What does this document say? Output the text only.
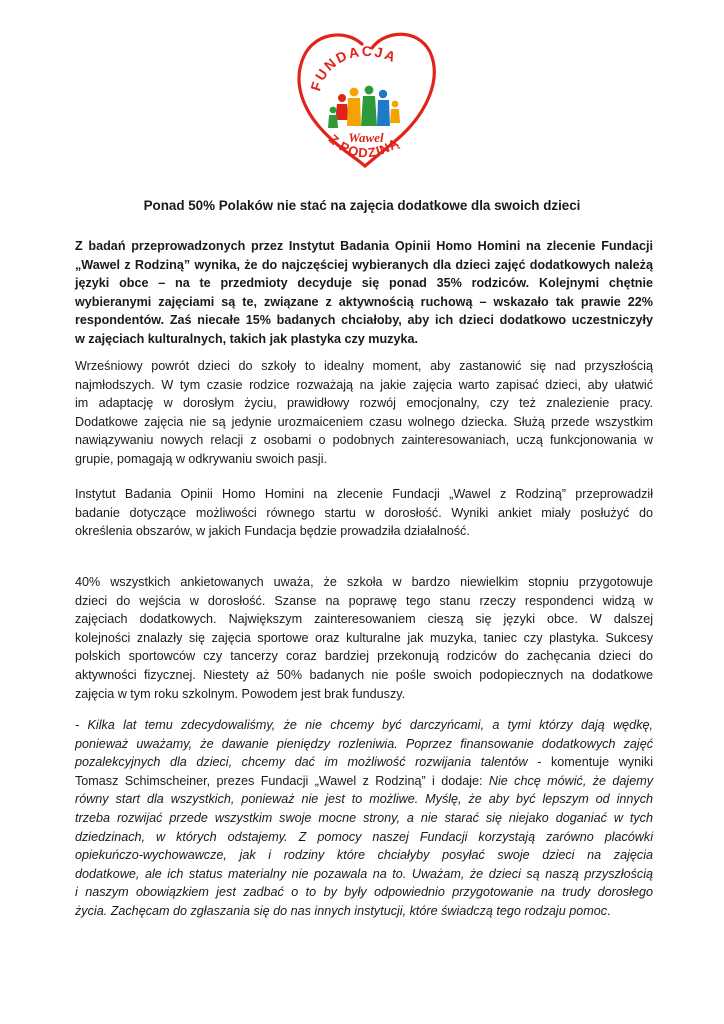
FUNDACJA
Wawel
Z RODZINĄ
Ponad 50% Polaków nie stać na zajęcia dodatkowe dla swoich dzieci
Z badań przeprowadzonych przez Instytut Badania Opinii Homo Homini na zlecenie Fundacji
„Wawel z Rodziną” wynika, że do najczęściej wybieranych dla dzieci zajęć dodatkowych należą
języki obce – na te przedmioty decyduje się ponad 35% rodziców. Kolejnymi chętnie
wybieranymi zajęciami są te, związane z aktywnością ruchową – wskazało tak prawie 22%
respondentów. Zaś niecałe 15% badanych chciałoby, aby ich dzieci dodatkowo uczestniczyły
w zajęciach kulturalnych, takich jak plastyka czy muzyka.
Wrześniowy powrót dzieci do szkoły to idealny moment, aby zastanowić się nad przyszłością
najmłodszych. W tym czasie rodzice rozważają na jakie zajęcia warto zapisać dzieci, aby ułatwić
im adaptację w dorosłym życiu, prawidłowy rozwój emocjonalny, czy też znalezienie pracy.
Dodatkowe zajęcia nie są jedynie urozmaiceniem czasu wolnego dziecka. Służą przede wszystkim
nawiązywaniu nowych relacji z osobami o podobnych zainteresowaniach, uczą funkcjonowania w
grupie, pomagają w odkrywaniu swoich pasji.
Instytut Badania Opinii Homo Homini na zlecenie Fundacji „Wawel z Rodziną” przeprowadził
badanie dotyczące możliwości równego startu w dorosłość. Wyniki ankiet miały posłużyć do
określenia obszarów, w jakich Fundacja będzie prowadziła działalność.
40% wszystkich ankietowanych uważa, że szkoła w bardzo niewielkim stopniu przygotowuje
dzieci do wejścia w dorosłość. Szanse na poprawę tego stanu rzeczy respondenci widzą w
zajęciach dodatkowych. Największym zainteresowaniem cieszą się języki obce. W dalszej
kolejności znalazły się zajęcia sportowe oraz kulturalne jak muzyka, taniec czy plastyka. Sukcesy
polskich sportowców czy tancerzy coraz bardziej przekonują rodziców do zachęcania dzieci do
aktywności fizycznej. Niestety aż 50% badanych nie pośle swoich podopiecznych na dodatkowe
zajęcia w tym roku szkolnym. Powodem jest brak funduszy.
- Kilka lat temu zdecydowaliśmy, że nie chcemy być darczyńcami, a tymi którzy dają wędkę,
ponieważ uważamy, że dawanie pieniędzy rozleniwia. Poprzez finansowanie dodatkowych zajęć
pozalekcyjnych dla dzieci, chcemy dać im możliwość rozwijania talentów - komentuje wyniki
Tomasz Schimscheiner, prezes Fundacji „Wawel z Rodziną” i dodaje: Nie chcę mówić, że dajemy
równy start dla wszystkich, ponieważ nie jest to możliwe. Myślę, że aby być lepszym od innych
trzeba rozwijać przede wszystkim swoje mocne strony, a nie starać się niejako doganiać w tych
dziedzinach, w których odstajemy. Z pomocy naszej Fundacji korzystają zarówno placówki
opiekuńczo-wychowawcze, jak i rodziny które chciałyby posyłać swoje dzieci na zajęcia
dodatkowe, ale ich status materialny nie pozawala na to. Uważam, że dzieci są naszą przyszłością
i naszym obowiązkiem jest zadbać o to by były odpowiednio przygotowanie na trudy dorosłego
życia. Zachęcam do zgłaszania się do nas innych instytucji, które świadczą tego rodzaju pomoc.
